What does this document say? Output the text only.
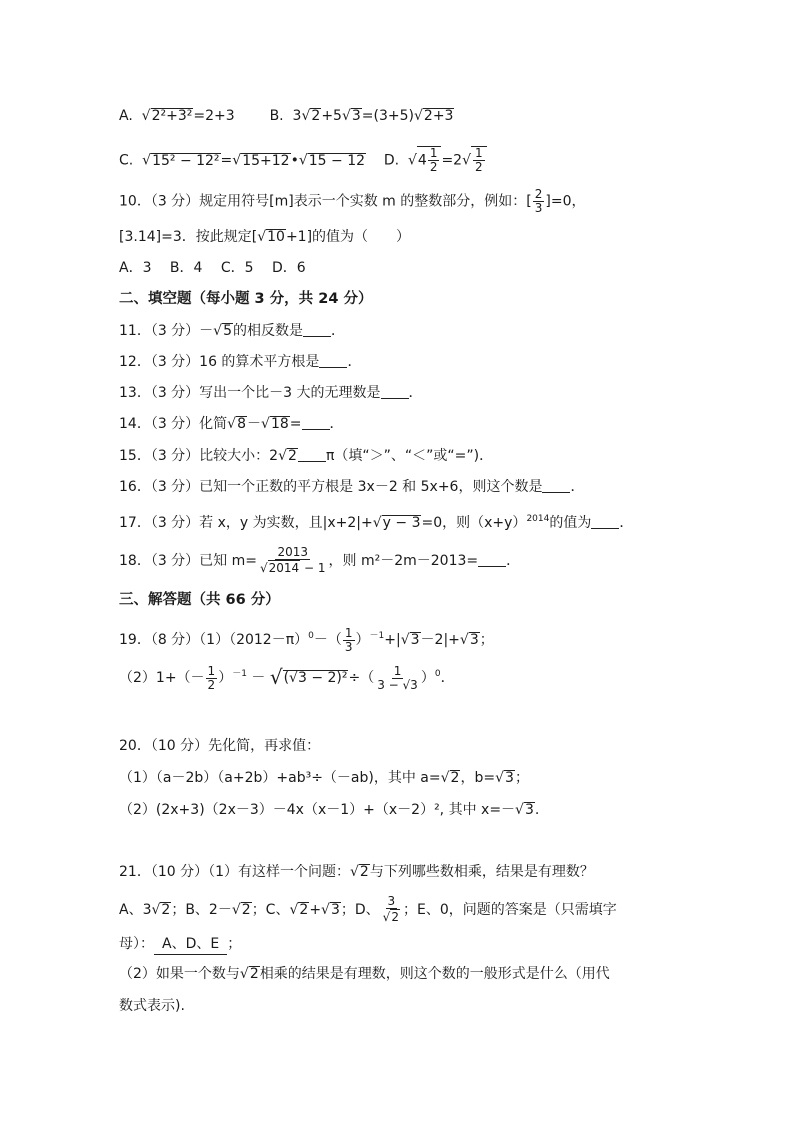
A.  √2²+3²=2+3 B. 3√2+5√3=(3+5)√2+3
C.  √15² − 12²=√15+12•√15 − 12 D.  $√4 \frac{1}{2} =2√ \frac{1}{2}$
10．（3 分）规定用符号[m]表示一个实数 m 的整数部分，例如：[ $\frac{2}{3} ]=0$，
[3.14]=3．按此规定[√10+1]的值为（　　）
A．3　 B．4　 C．5　 D．6
二、填空题（每小题 3 分，共 24 分）
11．（3 分）－√5的相反数是 ．
12．（3 分）16 的算术平方根是 ．
13．（3 分）写出一个比－3 大的无理数是 ．
14．（3 分）化简√8－√18= ．
15．（3 分）比较大小：2√2 π（填“＞”、“＜”或“=”)．
16．（3 分）已知一个正数的平方根是 3x－2 和 5x+6，则这个数是 ．
17．（3 分）若 x，y 为实数，且|x+2|+√y − 3=0，则$(x+y)^{2014}$的值为 ．
18．（3 分）已知 $m= \frac{2013}{√2014 - 1}$ ，则 m²－2m－2013= ．
三、解答题（共 66 分）
19．（8 分）$(1)(2012-\pi)^0-( \frac{1}{3} )^{-1}+|√3-2|+√3$；
$(2)1+(- \frac{1}{2} )^{-1} - √(√3 - 2)^2\div( \frac{1}{3 - √3} )^0$．
20．（10 分）先化简，再求值：
（1）（a－2b）（a+2b）+ab³÷（－ab)，其中 a=√2，b=√3；
（2）(2x+3)（2x－3）－4x（x－1）+（x－2）², 其中 x=－√3.
21．（10 分）（1）有这样一个问题：√2与下列哪些数相乘，结果是有理数？
A、3√2；B、2－√2；C、√2+√3；D、 $\frac{3}{√2}$ ；E、0，问题的答案是（只需填字
母）： A、D、E ；
（2）如果一个数与√2相乘的结果是有理数，则这个数的一般形式是什么（用代
数式表示).
